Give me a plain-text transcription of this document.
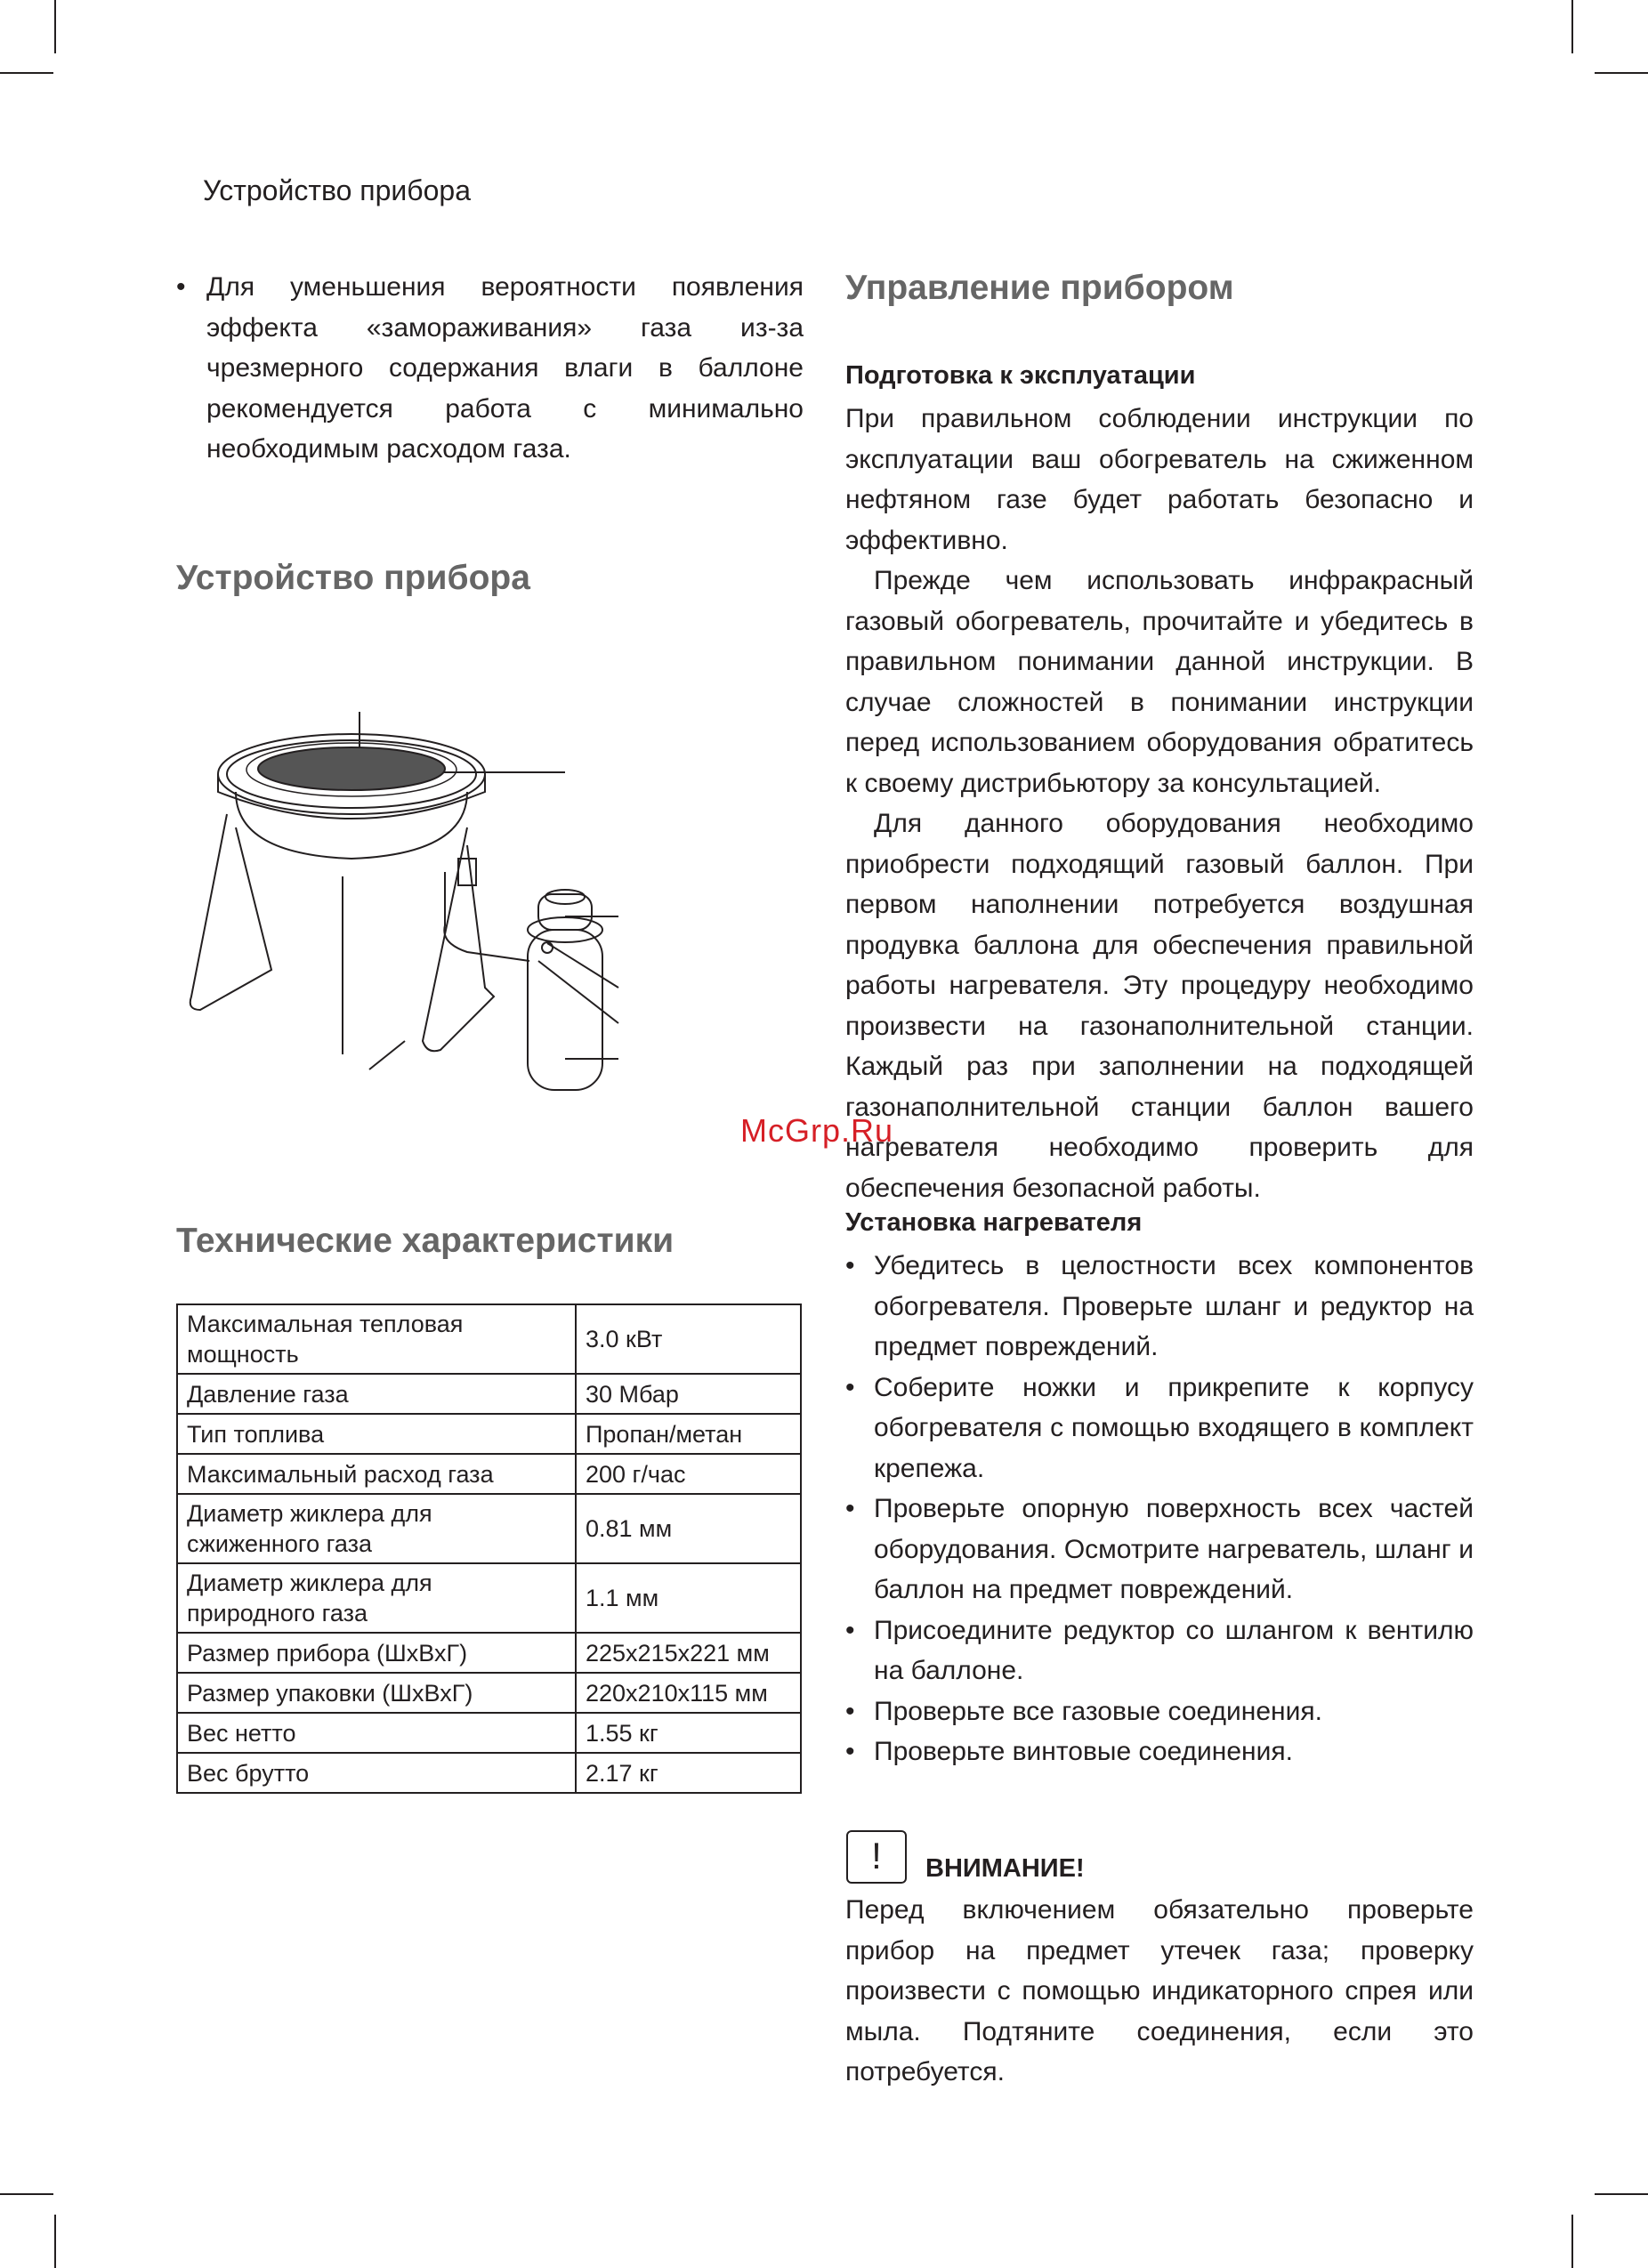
Устройство прибора

• Для уменьшения вероятности появления эффекта «замораживания» газа из-за чрезмерного содержания влаги в баллоне рекомендуется работа с минимально необходимым расходом газа.

Устройство прибора
McGrp.Ru
Технические характеристики
Максимальная тепловая мощность	3.0 кВт
Давление газа	30 Мбар
Тип топлива	Пропан/метан
Максимальный расход газа	200 г/час
Диаметр жиклера для сжиженного газа	0.81 мм
Диаметр жиклера для природного газа	1.1 мм
Размер прибора (ШхВхГ)	225x215x221 мм
Размер упаковки (ШхВхГ)	220x210x115 мм
Вес нетто	1.55 кг
Вес брутто	2.17 кг
Управление прибором
Подготовка к эксплуатации

При правильном соблюдении инструкции по эксплуатации ваш обогреватель на сжиженном нефтяном газе будет работать безопасно и эффективно.

Прежде чем использовать инфракрасный газовый обогреватель, прочитайте и убедитесь в правильном понимании данной инструкции. В случае сложностей в понимании инструкции перед использованием оборудования обратитесь к своему дистрибьютору за консультацией.

Для данного оборудования необходимо приобрести подходящий газовый баллон. При первом наполнении потребуется воздушная продувка баллона для обеспечения правильной работы нагревателя. Эту процедуру необходимо произвести на газонаполнительной станции. Каждый раз при заполнении на подходящей газонаполнительной станции баллон вашего нагревателя необходимо проверить для обеспечения безопасной работы.

Установка нагревателя

• Убедитесь в целостности всех компонентов обогревателя. Проверьте шланг и редуктор на предмет повреждений.

• Соберите ножки и прикрепите к корпусу обогревателя с помощью входящего в комплект крепежа.

• Проверьте опорную поверхность всех частей оборудования. Осмотрите нагреватель, шланг и баллон на предмет повреждений.

• Присоедините редуктор со шлангом к вентилю на баллоне.

• Проверьте все газовые соединения.

• Проверьте винтовые соединения.

!	ВНИМАНИЕ!

Перед включением обязательно проверьте прибор на предмет утечек газа; проверку произвести с помощью индикаторного спрея или мыла. Подтяните соединения, если это потребуется.
